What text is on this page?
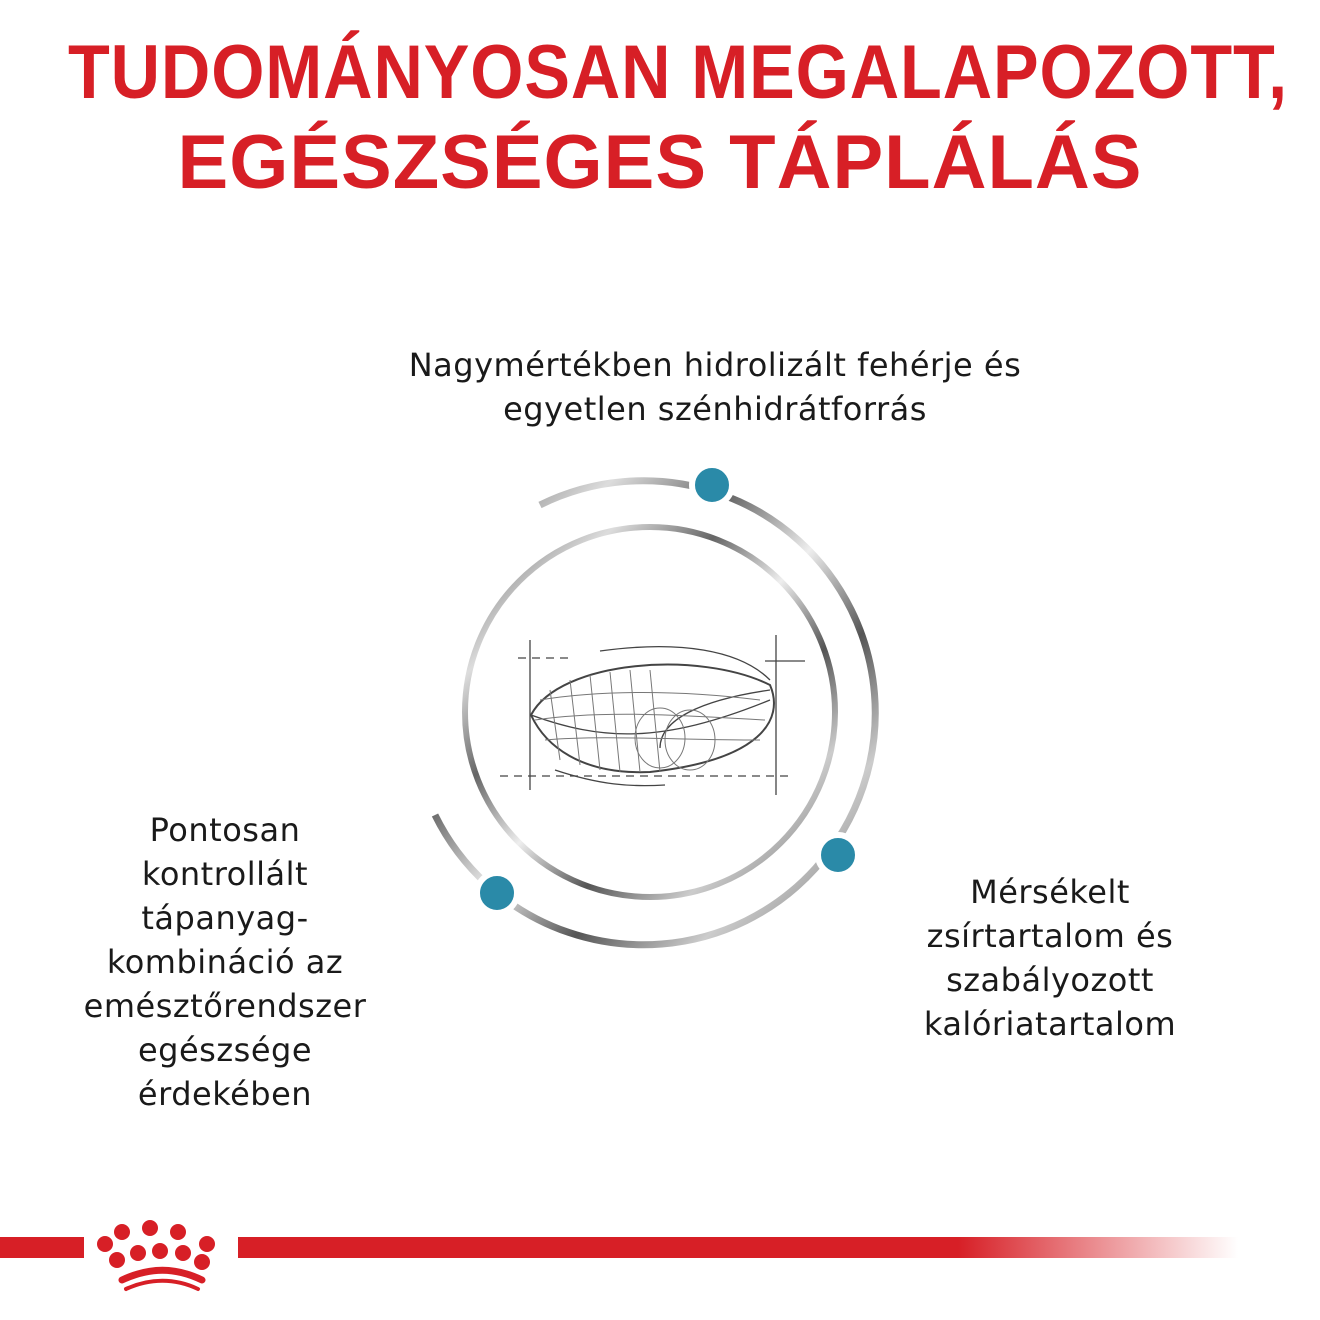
TUDOMÁNYOSAN MEGALAPOZOTT,
EGÉSZSÉGES TÁPLÁLÁS
Nagymértékben hidrolizált fehérje és
egyetlen szénhidrátforrás
Pontosan
kontrollált
tápanyag-
kombináció az
emésztőrendszer
egészsége
érdekében
Mérsékelt
zsírtartalom és
szabályozott
kalóriatartalom
